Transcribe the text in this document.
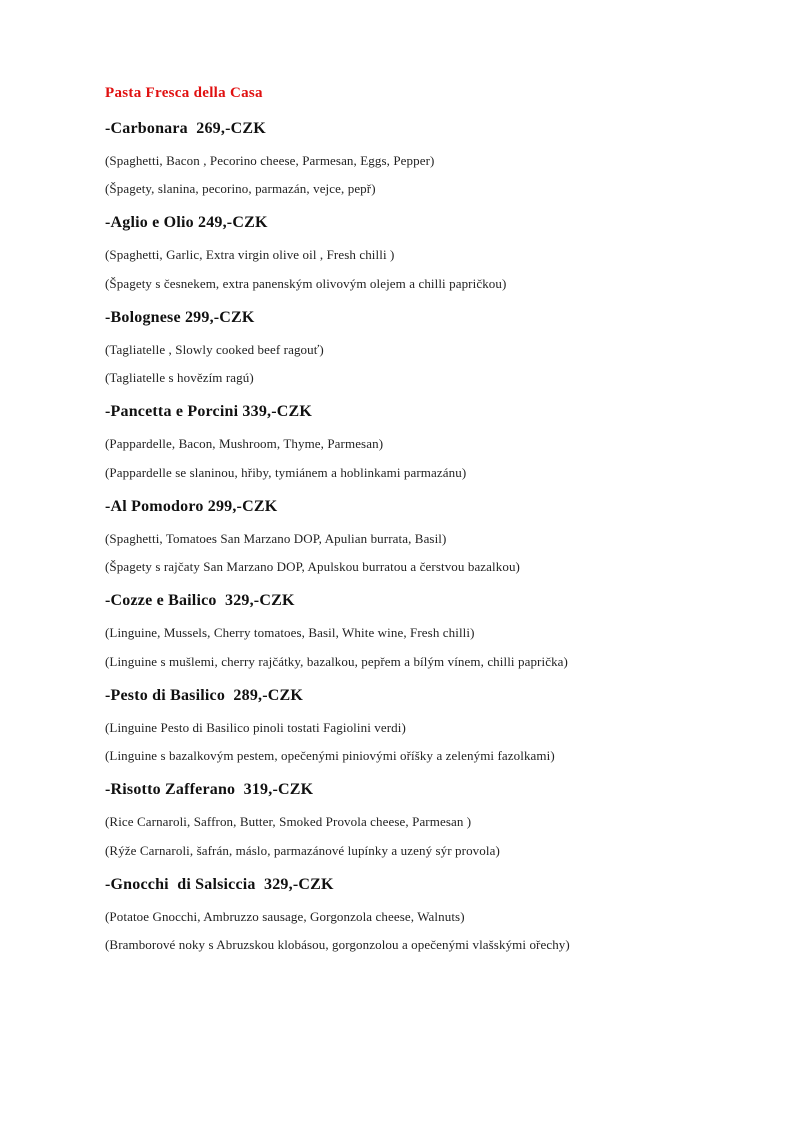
Pasta Fresca della Casa
-Carbonara  269,-CZK

(Spaghetti, Bacon , Pecorino cheese, Parmesan, Eggs, Pepper)

(Špagety, slanina, pecorino, parmazán, vejce, pepř)

-Aglio e Olio 249,-CZK

(Spaghetti, Garlic, Extra virgin olive oil , Fresh chilli )

(Špagety s česnekem, extra panenským olivovým olejem a chilli papričkou)

-Bolognese 299,-CZK

(Tagliatelle , Slowly cooked beef ragouť)

(Tagliatelle s hovězím ragú)

-Pancetta e Porcini 339,-CZK

(Pappardelle, Bacon, Mushroom, Thyme, Parmesan)

(Pappardelle se slaninou, hřiby, tymiánem a hoblinkami parmazánu)

-Al Pomodoro 299,-CZK

(Spaghetti, Tomatoes San Marzano DOP, Apulian burrata, Basil)

(Špagety s rajčaty San Marzano DOP, Apulskou burratou a čerstvou bazalkou)

-Cozze e Bailico  329,-CZK

(Linguine, Mussels, Cherry tomatoes, Basil, White wine, Fresh chilli)

(Linguine s mušlemi, cherry rajčátky, bazalkou, pepřem a bílým vínem, chilli paprička)

-Pesto di Basilico  289,-CZK

(Linguine Pesto di Basilico pinoli tostati Fagiolini verdi)

(Linguine s bazalkovým pestem, opečenými piniovými oříšky a zelenými fazolkami)

-Risotto Zafferano  319,-CZK

(Rice Carnaroli, Saffron, Butter, Smoked Provola cheese, Parmesan )

(Rýže Carnaroli, šafrán, máslo, parmazánové lupínky a uzený sýr provola)

-Gnocchi  di Salsiccia  329,-CZK

(Potatoe Gnocchi, Ambruzzo sausage, Gorgonzola cheese, Walnuts)

(Bramborové noky s Abruzskou klobásou, gorgonzolou a opečenými vlašskými ořechy)
